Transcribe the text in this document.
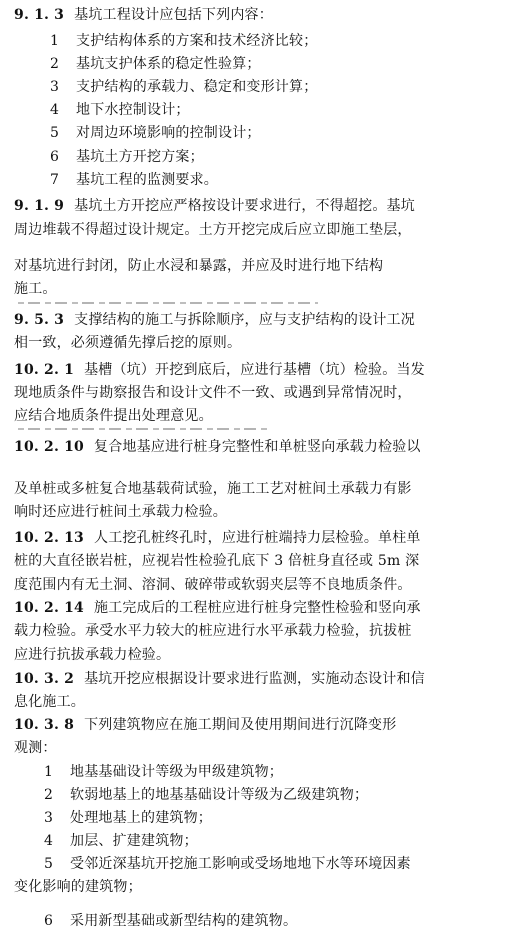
9. 1. 3 基坑工程设计应包括下列内容：
1 支护结构体系的方案和技术经济比较；
2 基坑支护体系的稳定性验算；
3 支护结构的承载力、稳定和变形计算；
4 地下水控制设计；
5 对周边环境影响的控制设计；
6 基坑土方开挖方案；
7 基坑工程的监测要求。
9. 1. 9 基坑土方开挖应严格按设计要求进行，不得超挖。基坑
周边堆载不得超过设计规定。土方开挖完成后应立即施工垫层，
对基坑进行封闭，防止水浸和暴露，并应及时进行地下结构
施工。
9. 5. 3 支撑结构的施工与拆除顺序，应与支护结构的设计工况
相一致，必须遵循先撑后挖的原则。
10. 2. 1 基槽（坑）开挖到底后，应进行基槽（坑）检验。当发
现地质条件与勘察报告和设计文件不一致、或遇到异常情况时，
应结合地质条件提出处理意见。
10. 2. 10 复合地基应进行桩身完整性和单桩竖向承载力检验以
及单桩或多桩复合地基载荷试验，施工工艺对桩间土承载力有影
响时还应进行桩间土承载力检验。
10. 2. 13 人工挖孔桩终孔时，应进行桩端持力层检验。单柱单
桩的大直径嵌岩桩，应视岩性检验孔底下 3 倍桩身直径或 5m 深
度范围内有无土洞、溶洞、破碎带或软弱夹层等不良地质条件。
10. 2. 14 施工完成后的工程桩应进行桩身完整性检验和竖向承
载力检验。承受水平力较大的桩应进行水平承载力检验，抗拔桩
应进行抗拔承载力检验。
10. 3. 2 基坑开挖应根据设计要求进行监测，实施动态设计和信
息化施工。
10. 3. 8 下列建筑物应在施工期间及使用期间进行沉降变形
观测：
1 地基基础设计等级为甲级建筑物；
2 软弱地基上的地基基础设计等级为乙级建筑物；
3 处理地基上的建筑物；
4 加层、扩建建筑物；
5 受邻近深基坑开挖施工影响或受场地地下水等环境因素
变化影响的建筑物；
6 采用新型基础或新型结构的建筑物。
